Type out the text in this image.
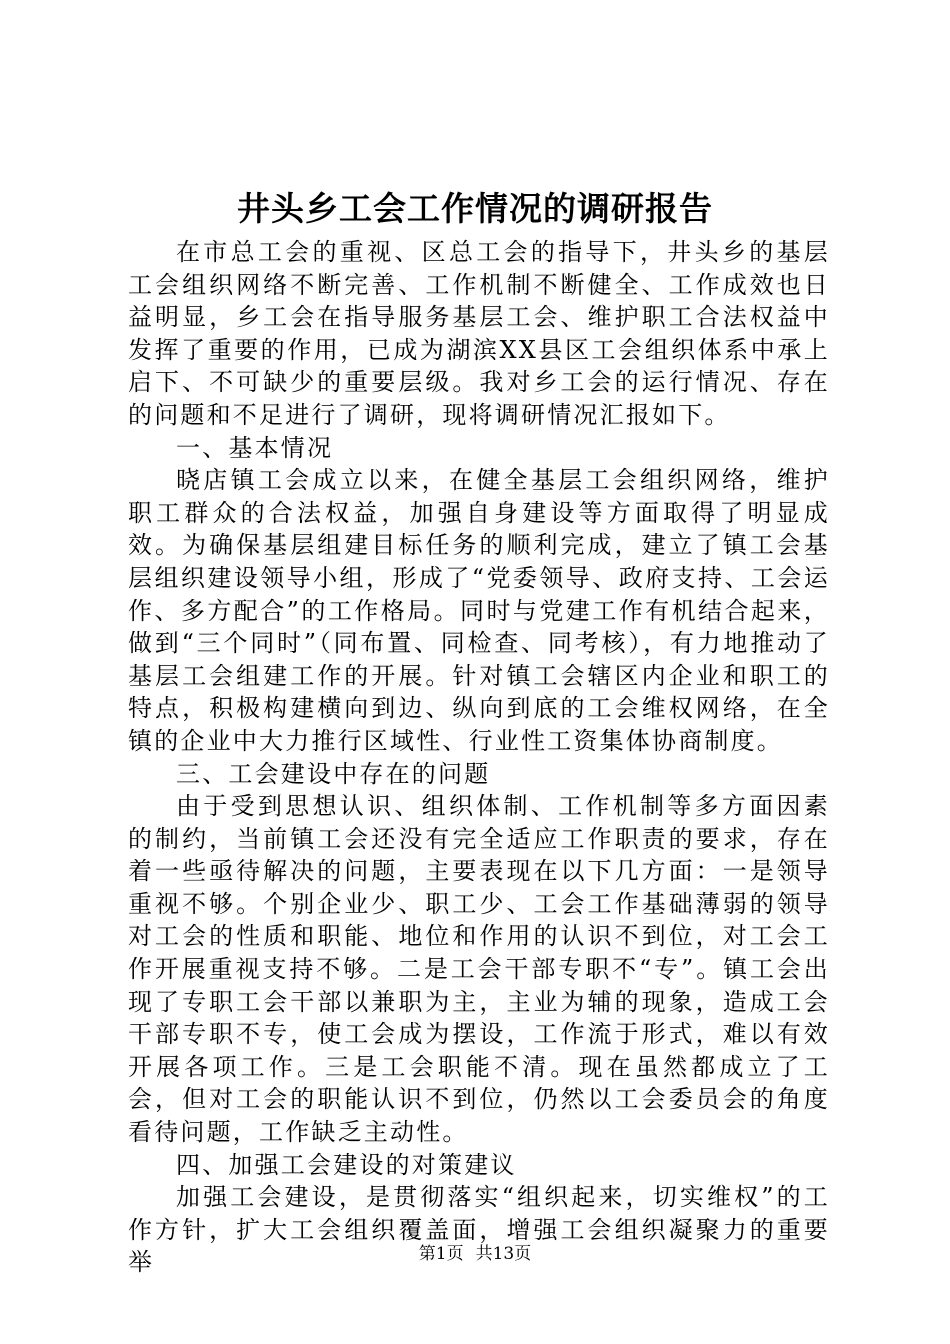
井头乡工会工作情况的调研报告

在市总工会的重视、区总工会的指导下，井头乡的基层工会组织网络不断完善、工作机制不断健全、工作成效也日益明显，乡工会在指导服务基层工会、维护职工合法权益中发挥了重要的作用，已成为湖滨XX县区工会组织体系中承上启下、不可缺少的重要层级。我对乡工会的运行情况、存在的问题和不足进行了调研，现将调研情况汇报如下。

一、基本情况

晓店镇工会成立以来，在健全基层工会组织网络，维护职工群众的合法权益，加强自身建设等方面取得了明显成效。为确保基层组建目标任务的顺利完成，建立了镇工会基层组织建设领导小组，形成了“党委领导、政府支持、工会运作、多方配合”的工作格局。同时与党建工作有机结合起来，做到“三个同时”（同布置、同检查、同考核），有力地推动了基层工会组建工作的开展。针对镇工会辖区内企业和职工的特点，积极构建横向到边、纵向到底的工会维权网络，在全镇的企业中大力推行区域性、行业性工资集体协商制度。

三、工会建设中存在的问题

由于受到思想认识、组织体制、工作机制等多方面因素的制约，当前镇工会还没有完全适应工作职责的要求，存在着一些亟待解决的问题，主要表现在以下几方面：一是领导重视不够。个别企业少、职工少、工会工作基础薄弱的领导对工会的性质和职能、地位和作用的认识不到位，对工会工作开展重视支持不够。二是工会干部专职不“专”。镇工会出现了专职工会干部以兼职为主，主业为辅的现象，造成工会干部专职不专，使工会成为摆设，工作流于形式，难以有效开展各项工作。三是工会职能不清。现在虽然都成立了工会，但对工会的职能认识不到位，仍然以工会委员会的角度看待问题，工作缺乏主动性。

四、加强工会建设的对策建议

加强工会建设，是贯彻落实“组织起来，切实维权”的工作方针，扩大工会组织覆盖面，增强工会组织凝聚力的重要举	第1页 共13页
